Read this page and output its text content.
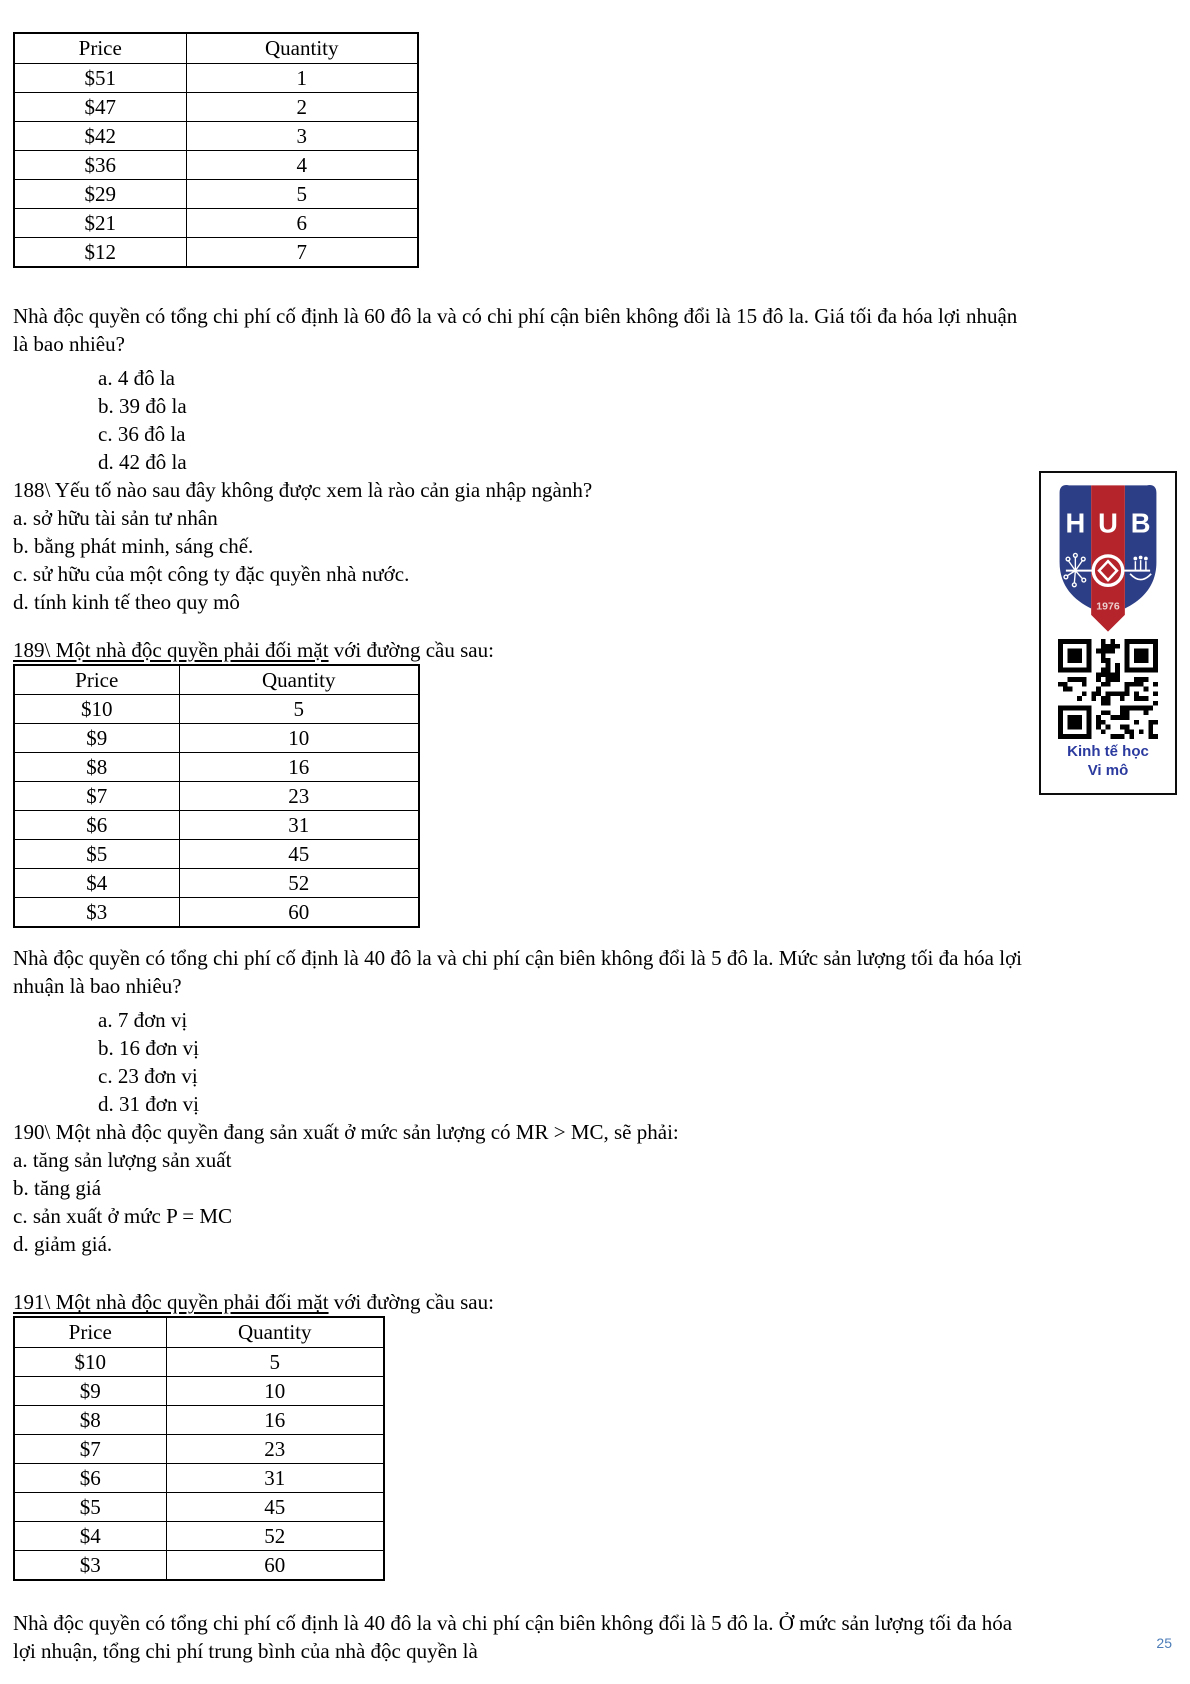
Price	Quantity
$51	1
$47	2
$42	3
$36	4
$29	5
$21	6
$12	7

Nhà độc quyền có tổng chi phí cố định là 60 đô la và có chi phí cận biên không đổi là 15 đô la. Giá tối đa hóa lợi nhuận là bao nhiêu?

a. 4 đô la
b. 39 đô la
c. 36 đô la
d. 42 đô la

188\ Yếu tố nào sau đây không được xem là rào cản gia nhập ngành?

a. sở hữu tài sản tư nhân
b. bằng phát minh, sáng chế.
c. sử hữu của một công ty đặc quyền nhà nước.
d. tính kinh tế theo quy mô

189\ Một nhà độc quyền phải đối mặt với đường cầu sau:

Price	Quantity
$10	5
$9	10
$8	16
$7	23
$6	31
$5	45
$4	52
$3	60

Nhà độc quyền có tổng chi phí cố định là 40 đô la và chi phí cận biên không đổi là 5 đô la. Mức sản lượng tối đa hóa lợi nhuận là bao nhiêu?

a. 7 đơn vị
b. 16 đơn vị
c. 23 đơn vị
d. 31 đơn vị

190\ Một nhà độc quyền đang sản xuất ở mức sản lượng có MR > MC, sẽ phải:

a. tăng sản lượng sản xuất
b. tăng giá
c. sản xuất ở mức P = MC
d. giảm giá.

191\ Một nhà độc quyền phải đối mặt với đường cầu sau:

Price	Quantity
$10	5
$9	10
$8	16
$7	23
$6	31
$5	45
$4	52
$3	60

Nhà độc quyền có tổng chi phí cố định là 40 đô la và chi phí cận biên không đổi là 5 đô la. Ở mức sản lượng tối đa hóa lợi nhuận, tổng chi phí trung bình của nhà độc quyền là

H U B
1976
Kinh tế học
Vi mô
25
